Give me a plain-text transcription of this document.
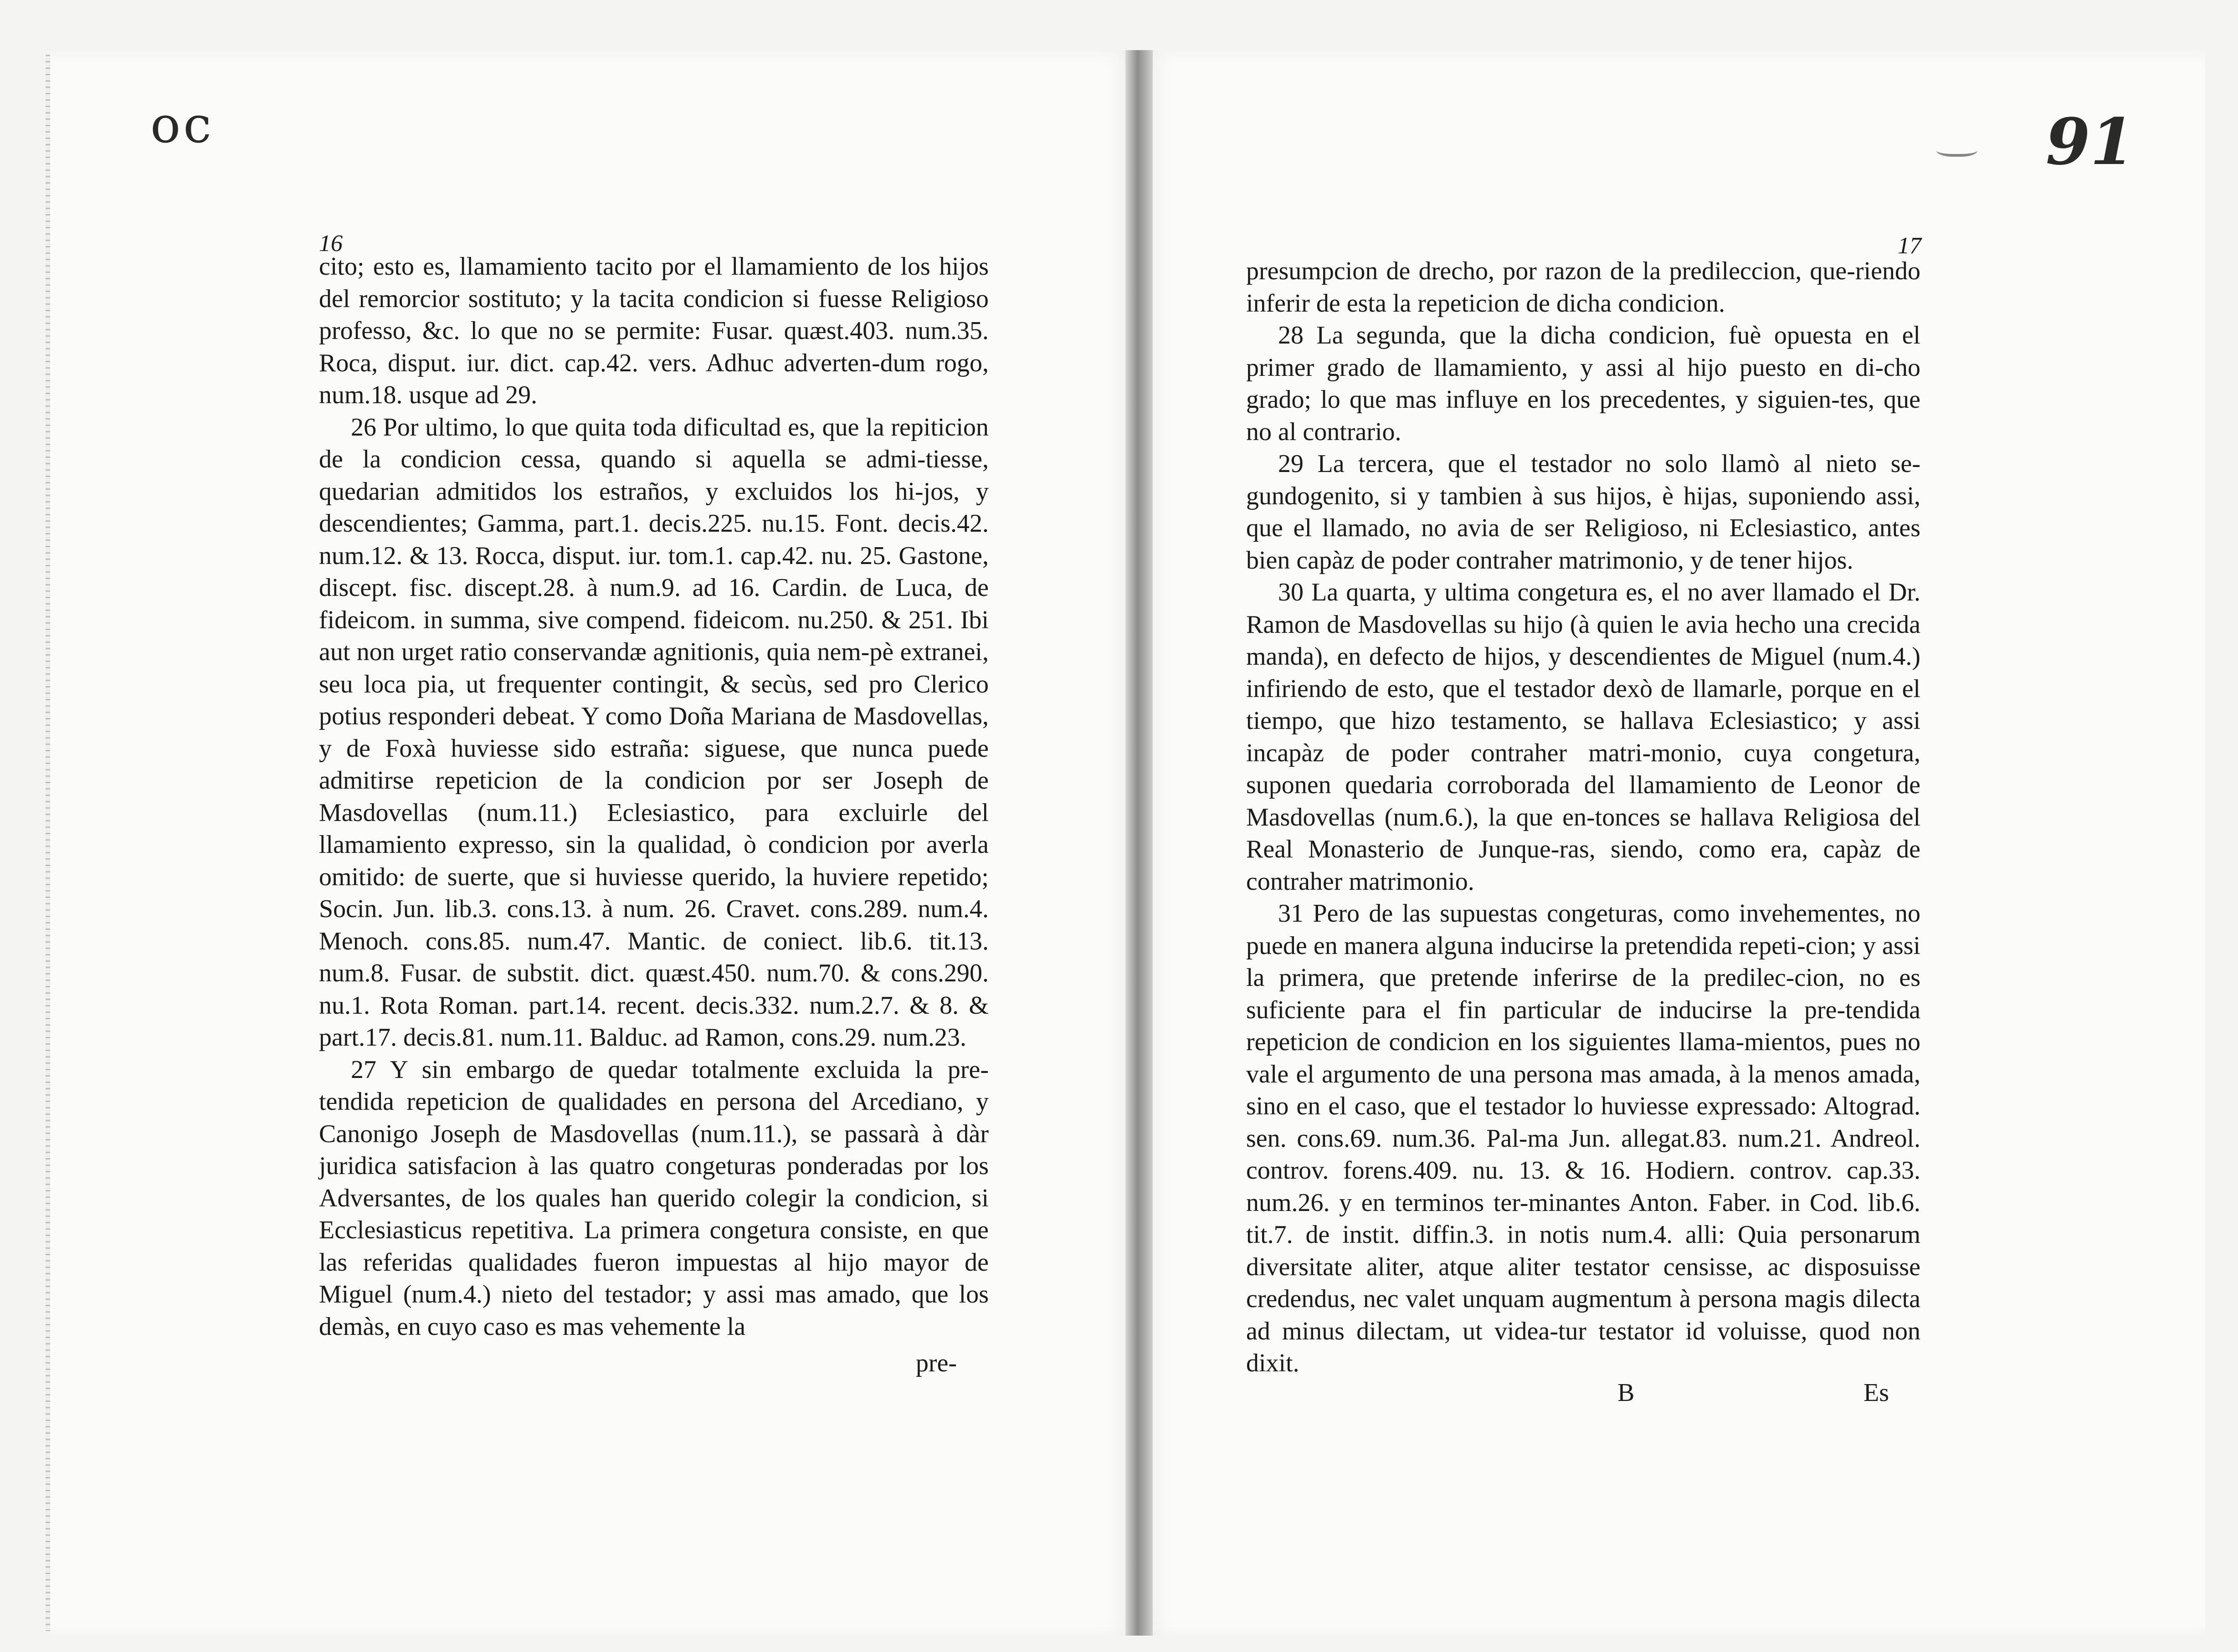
oc	91
16	17

cito; esto es, llamamiento tacito por el llamamiento de los hijos del remorcior sostituto; y la tacita condicion si fuesse Religioso professo, &c. lo que no se permite: Fusar. quæst.403. num.35. Roca, disput. iur. dict. cap.42. vers. Adhuc adverten-dum rogo, num.18. usque ad 29.

26 Por ultimo, lo que quita toda dificultad es, que la repiticion de la condicion cessa, quando si aquella se admi-tiesse, quedarian admitidos los estraños, y excluidos los hi-jos, y descendientes; Gamma, part.1. decis.225. nu.15. Font. decis.42. num.12. & 13. Rocca, disput. iur. tom.1. cap.42. nu. 25. Gastone, discept. fisc. discept.28. à num.9. ad 16. Cardin. de Luca, de fideicom. in summa, sive compend. fideicom. nu.250. & 251. Ibi aut non urget ratio conservandæ agnitionis, quia nem-pè extranei, seu loca pia, ut frequenter contingit, & secùs, sed pro Clerico potius responderi debeat. Y como Doña Mariana de Masdovellas, y de Foxà huviesse sido estraña: siguese, que nunca puede admitirse repeticion de la condicion por ser Joseph de Masdovellas (num.11.) Eclesiastico, para excluirle del llamamiento expresso, sin la qualidad, ò condicion por averla omitido: de suerte, que si huviesse querido, la huviere repetido; Socin. Jun. lib.3. cons.13. à num. 26. Cravet. cons.289. num.4. Menoch. cons.85. num.47. Mantic. de coniect. lib.6. tit.13. num.8. Fusar. de substit. dict. quæst.450. num.70. & cons.290. nu.1. Rota Roman. part.14. recent. decis.332. num.2.7. & 8. & part.17. decis.81. num.11. Balduc. ad Ramon, cons.29. num.23.

27 Y sin embargo de quedar totalmente excluida la pre-tendida repeticion de qualidades en persona del Arcediano, y Canonigo Joseph de Masdovellas (num.11.), se passarà à dàr juridica satisfacion à las quatro congeturas ponderadas por los Adversantes, de los quales han querido colegir la condicion, si Ecclesiasticus repetitiva. La primera congetura consiste, en que las referidas qualidades fueron impuestas al hijo mayor de Miguel (num.4.) nieto del testador; y assi mas amado, que los demàs, en cuyo caso es mas vehemente la

pre-

presumpcion de drecho, por razon de la predileccion, que-riendo inferir de esta la repeticion de dicha condicion.

28 La segunda, que la dicha condicion, fuè opuesta en el primer grado de llamamiento, y assi al hijo puesto en di-cho grado; lo que mas influye en los precedentes, y siguien-tes, que no al contrario.

29 La tercera, que el testador no solo llamò al nieto se-gundogenito, si y tambien à sus hijos, è hijas, suponiendo assi, que el llamado, no avia de ser Religioso, ni Eclesiastico, antes bien capàz de poder contraher matrimonio, y de tener hijos.

30 La quarta, y ultima congetura es, el no aver llamado el Dr. Ramon de Masdovellas su hijo (à quien le avia hecho una crecida manda), en defecto de hijos, y descendientes de Miguel (num.4.) infiriendo de esto, que el testador dexò de llamarle, porque en el tiempo, que hizo testamento, se hallava Eclesiastico; y assi incapàz de poder contraher matri-monio, cuya congetura, suponen quedaria corroborada del llamamiento de Leonor de Masdovellas (num.6.), la que en-tonces se hallava Religiosa del Real Monasterio de Junque-ras, siendo, como era, capàz de contraher matrimonio.

31 Pero de las supuestas congeturas, como invehementes, no puede en manera alguna inducirse la pretendida repeti-cion; y assi la primera, que pretende inferirse de la predilec-cion, no es suficiente para el fin particular de inducirse la pre-tendida repeticion de condicion en los siguientes llama-mientos, pues no vale el argumento de una persona mas amada, à la menos amada, sino en el caso, que el testador lo huviesse expressado: Altograd. sen. cons.69. num.36. Pal-ma Jun. allegat.83. num.21. Andreol. controv. forens.409. nu. 13. & 16. Hodiern. controv. cap.33. num.26. y en terminos ter-minantes Anton. Faber. in Cod. lib.6. tit.7. de instit. diffin.3. in notis num.4. alli: Quia personarum diversitate aliter, atque aliter testator censisse, ac disposuisse credendus, nec valet unquam augmentum à persona magis dilecta ad minus dilectam, ut videa-tur testator id voluisse, quod non dixit.

B	Es
